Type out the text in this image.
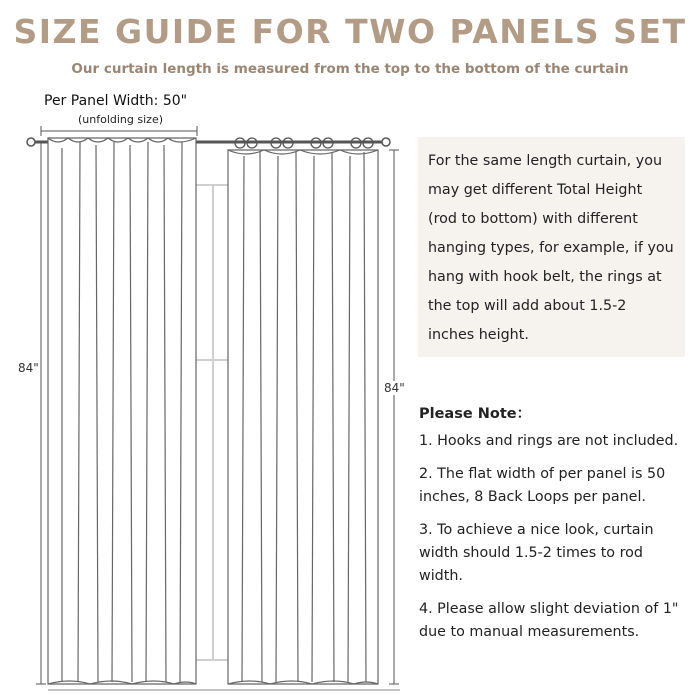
SIZE GUIDE FOR TWO PANELS SET
Our curtain length is measured from the top to the bottom of the curtain
Per Panel Width: 50"
(unfolding size)
84"
84"
For the same length curtain, you may get different Total Height (rod to bottom) with different hanging types, for example, if you hang with hook belt, the rings at the top will add about 1.5-2 inches height.
Please Note：
1. Hooks and rings are not included.
2. The flat width of per panel is 50 inches, 8 Back Loops per panel.
3. To achieve a nice look, curtain width should 1.5-2 times to rod width.
4. Please allow slight deviation of 1" due to manual measurements.
